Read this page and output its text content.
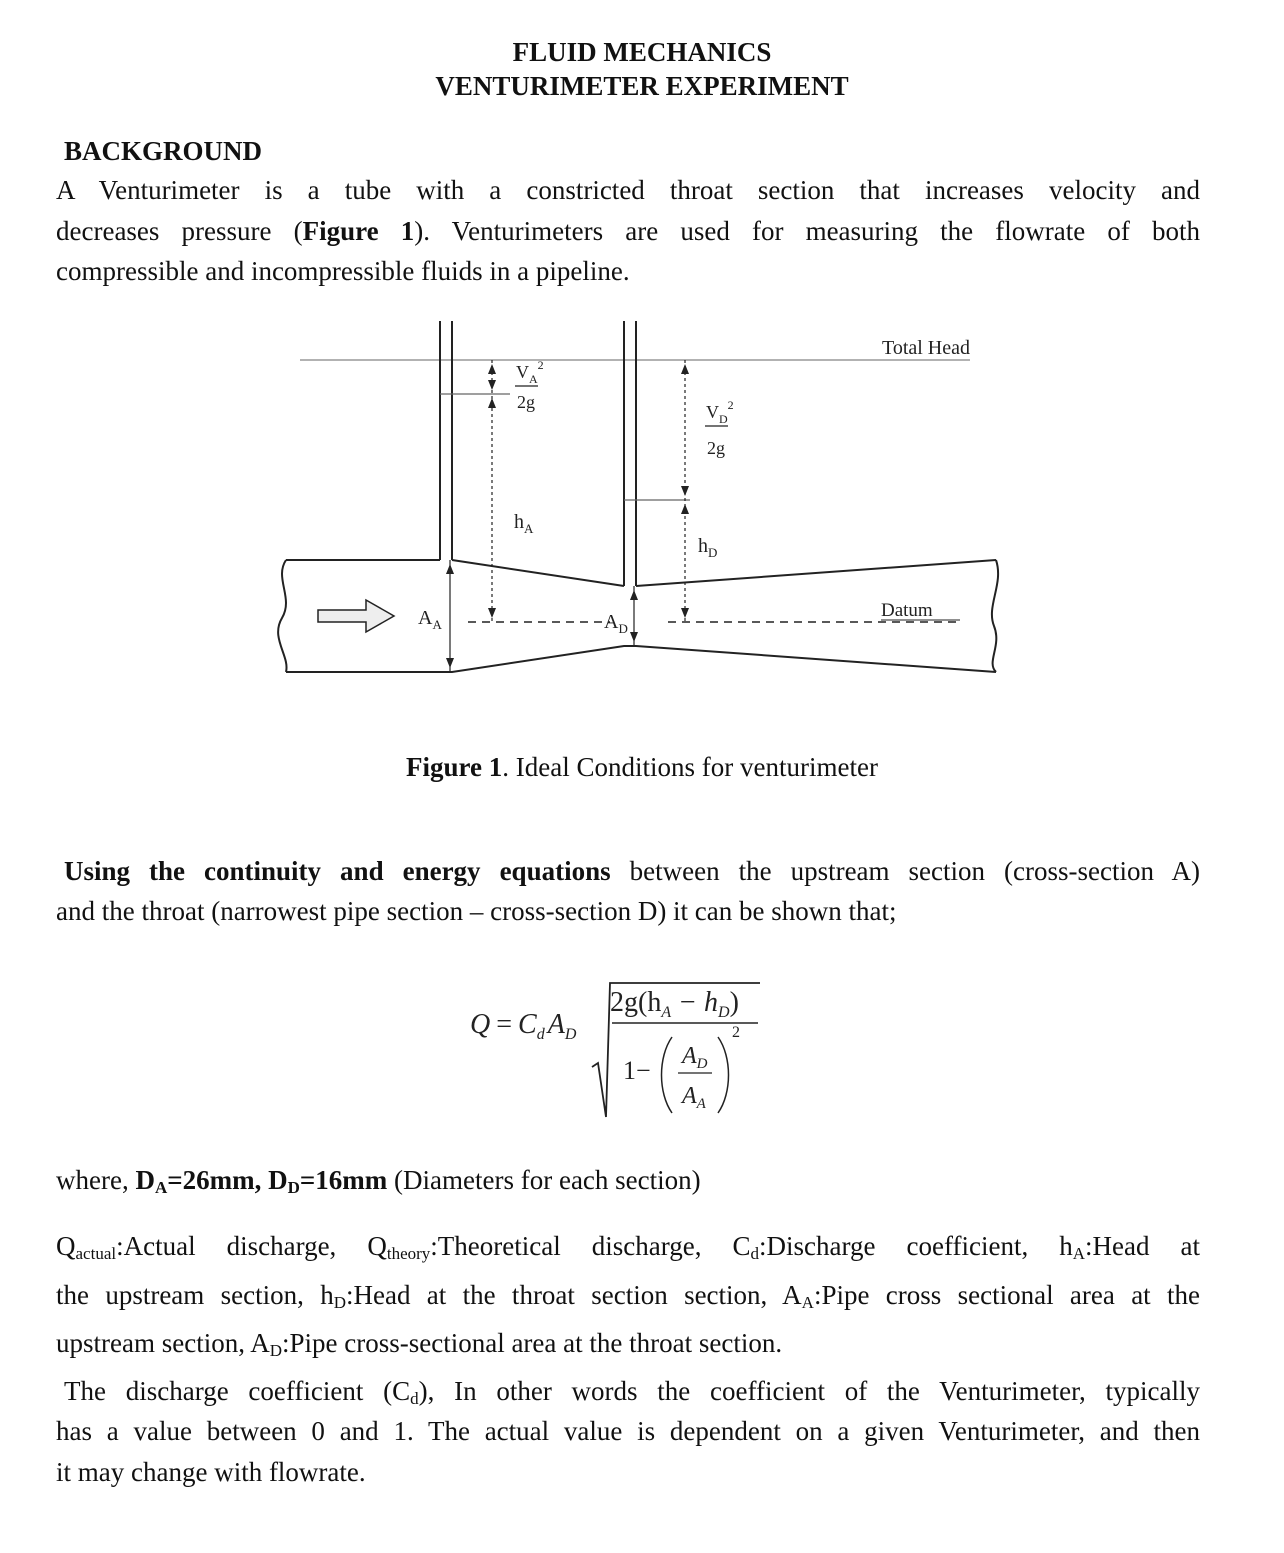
FLUID MECHANICS
VENTURIMETER EXPERIMENT
BACKGROUND
A Venturimeter is a tube with a constricted throat section that increases velocity and
decreases pressure (Figure 1). Venturimeters are used for measuring the flowrate of both
compressible and incompressible fluids in a pipeline.
Total Head
Datum
$V_A^2$
2g	$V_D^2$
2g
$h_A$
$h_D$
$A_A$	$A_D$
Figure 1. Ideal Conditions for venturimeter
Using the continuity and energy equations between the upstream section (cross-section A)
and the throat (narrowest pipe section – cross-section D) it can be shown that;
$Q = C_d$ $A_D$
$2g(h_A - h_D)$
$1- A_D$
$A_A$
2
where, $D_A=26mm$, $D_D=16mm$ (Diameters for each section)
$Q_{actual}:Actual$ discharge, $Q_{theory}:Theoretical$ discharge, $C_d:Discharge$ coefficient, $h_A:Head$ at
the upstream section, $h_D:Head$ at the throat section section, $A_A:Pipe$ cross sectional area at the
upstream section, $A_D:Pipe$ cross-sectional area at the throat section.
The discharge coefficient $(C_d)$, In other words the coefficient of the Venturimeter, typically
has a value between 0 and 1. The actual value is dependent on a given Venturimeter, and then
it may change with flowrate.
